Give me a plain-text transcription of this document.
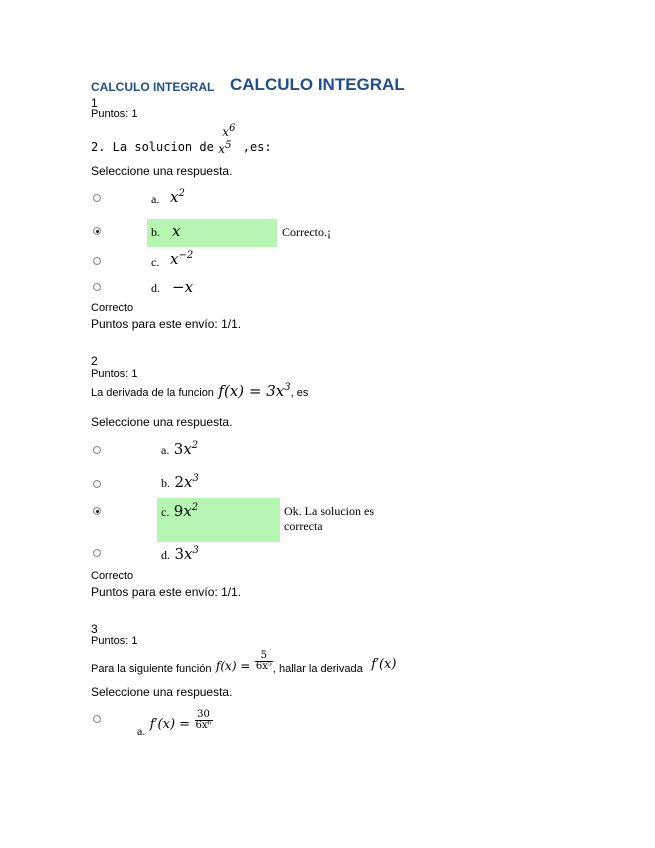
CALCULO INTEGRAL CALCULO INTEGRAL
1
Puntos: 1
$_{2. La solucion de}$
$x^6$
$x^5$ $_{,es:}$
Seleccione una respuesta.
a. $x^2$
b. x	Correcto.¡
c. $x^{-2}$
d. −x
Correcto
Puntos para este envío: 1/1.
2
Puntos: 1
La derivada de la funcion $f(x) = 3x^3$, es
Seleccione una respuesta.
a. $3x^2$
b. $2x^3$
c. $9x^2$	Ok. La solucion es
correcta
d. $3x^3$
Correcto
Puntos para este envío: 1/1.
3
Puntos: 1
$_{Para la siguiente función}$ $_{f(x) =} \frac{5}{\text{6x⁵}} _{, hallar la derivada}$ f′(x)
Seleccione una respuesta.
$_{a.}$ $f'(x) = \frac{30}{\text{6x⁶}}$
